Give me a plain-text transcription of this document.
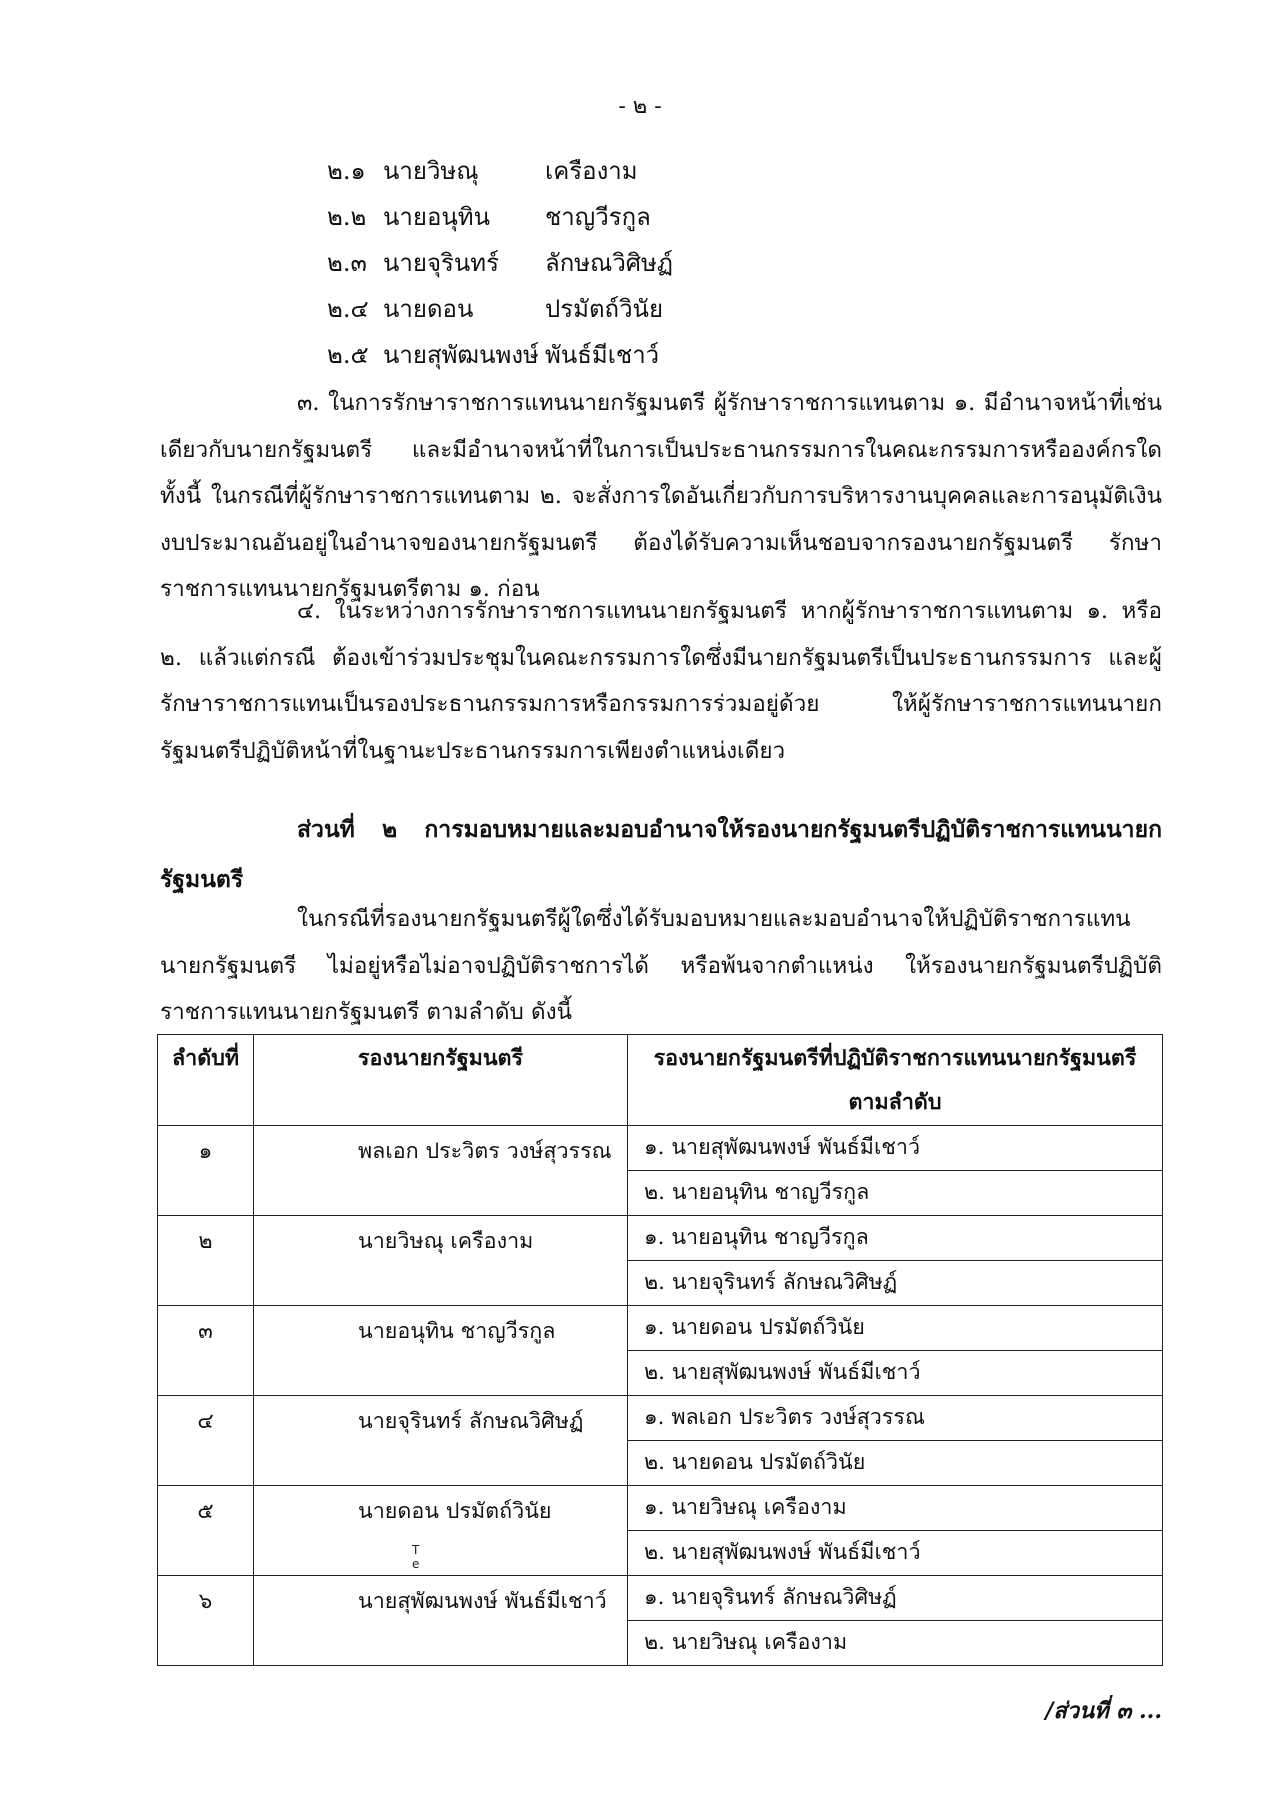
- ๒ -
๒.๑ นายวิษณุ	เครืองาม
๒.๒ นายอนุทิน	ชาญวีรกูล
๒.๓ นายจุรินทร์	ลักษณวิศิษฏ์
๒.๔ นายดอน	ปรมัตถ์วินัย
๒.๕ นายสุพัฒนพงษ์ พันธ์มีเชาว์

๓. ในการรักษาราชการแทนนายกรัฐมนตรี ผู้รักษาราชการแทนตาม ๑. มีอำนาจหน้าที่เช่นเดียวกับนายกรัฐมนตรี และมีอำนาจหน้าที่ในการเป็นประธานกรรมการในคณะกรรมการหรือองค์กรใด ทั้งนี้ ในกรณีที่ผู้รักษาราชการแทนตาม ๒. จะสั่งการใดอันเกี่ยวกับการบริหารงานบุคคลและการอนุมัติเงินงบประมาณอันอยู่ในอำนาจของนายกรัฐมนตรี ต้องได้รับความเห็นชอบจากรองนายกรัฐมนตรี รักษาราชการแทนนายกรัฐมนตรีตาม ๑. ก่อน

๔. ในระหว่างการรักษาราชการแทนนายกรัฐมนตรี หากผู้รักษาราชการแทนตาม ๑. หรือ ๒. แล้วแต่กรณี ต้องเข้าร่วมประชุมในคณะกรรมการใดซึ่งมีนายกรัฐมนตรีเป็นประธานกรรมการ และผู้รักษาราชการแทนเป็นรองประธานกรรมการหรือกรรมการร่วมอยู่ด้วย ให้ผู้รักษาราชการแทนนายกรัฐมนตรีปฏิบัติหน้าที่ในฐานะประธานกรรมการเพียงตำแหน่งเดียว

ส่วนที่ ๒ การมอบหมายและมอบอำนาจให้รองนายกรัฐมนตรีปฏิบัติราชการแทนนายกรัฐมนตรี

ในกรณีที่รองนายกรัฐมนตรีผู้ใดซึ่งได้รับมอบหมายและมอบอำนาจให้ปฏิบัติราชการแทนนายกรัฐมนตรี ไม่อยู่หรือไม่อาจปฏิบัติราชการได้ หรือพ้นจากตำแหน่ง ให้รองนายกรัฐมนตรีปฏิบัติราชการแทนนายกรัฐมนตรี ตามลำดับ ดังนี้

ลำดับที่	รองนายกรัฐมนตรี	รองนายกรัฐมนตรีที่ปฏิบัติราชการแทนนายกรัฐมนตรี ตามลำดับ
๑	พลเอก ประวิตร วงษ์สุวรรณ	๑. นายสุพัฒนพงษ์ พันธ์มีเชาว์
		๒. นายอนุทิน ชาญวีรกูล
๒	นายวิษณุ เครืองาม	๑. นายอนุทิน ชาญวีรกูล
		๒. นายจุรินทร์ ลักษณวิศิษฏ์
๓	นายอนุทิน ชาญวีรกูล	๑. นายดอน ปรมัตถ์วินัย
		๒. นายสุพัฒนพงษ์ พันธ์มีเชาว์
๔	นายจุรินทร์ ลักษณวิศิษฏ์	๑. พลเอก ประวิตร วงษ์สุวรรณ
		๒. นายดอน ปรมัตถ์วินัย
๕	นายดอน ปรมัตถ์วินัย	๑. นายวิษณุ เครืองาม
		๒. นายสุพัฒนพงษ์ พันธ์มีเชาว์
๖	นายสุพัฒนพงษ์ พันธ์มีเชาว์	๑. นายจุรินทร์ ลักษณวิศิษฏ์
		๒. นายวิษณุ เครืองาม
T
e
/ส่วนที่ ๓ ...
